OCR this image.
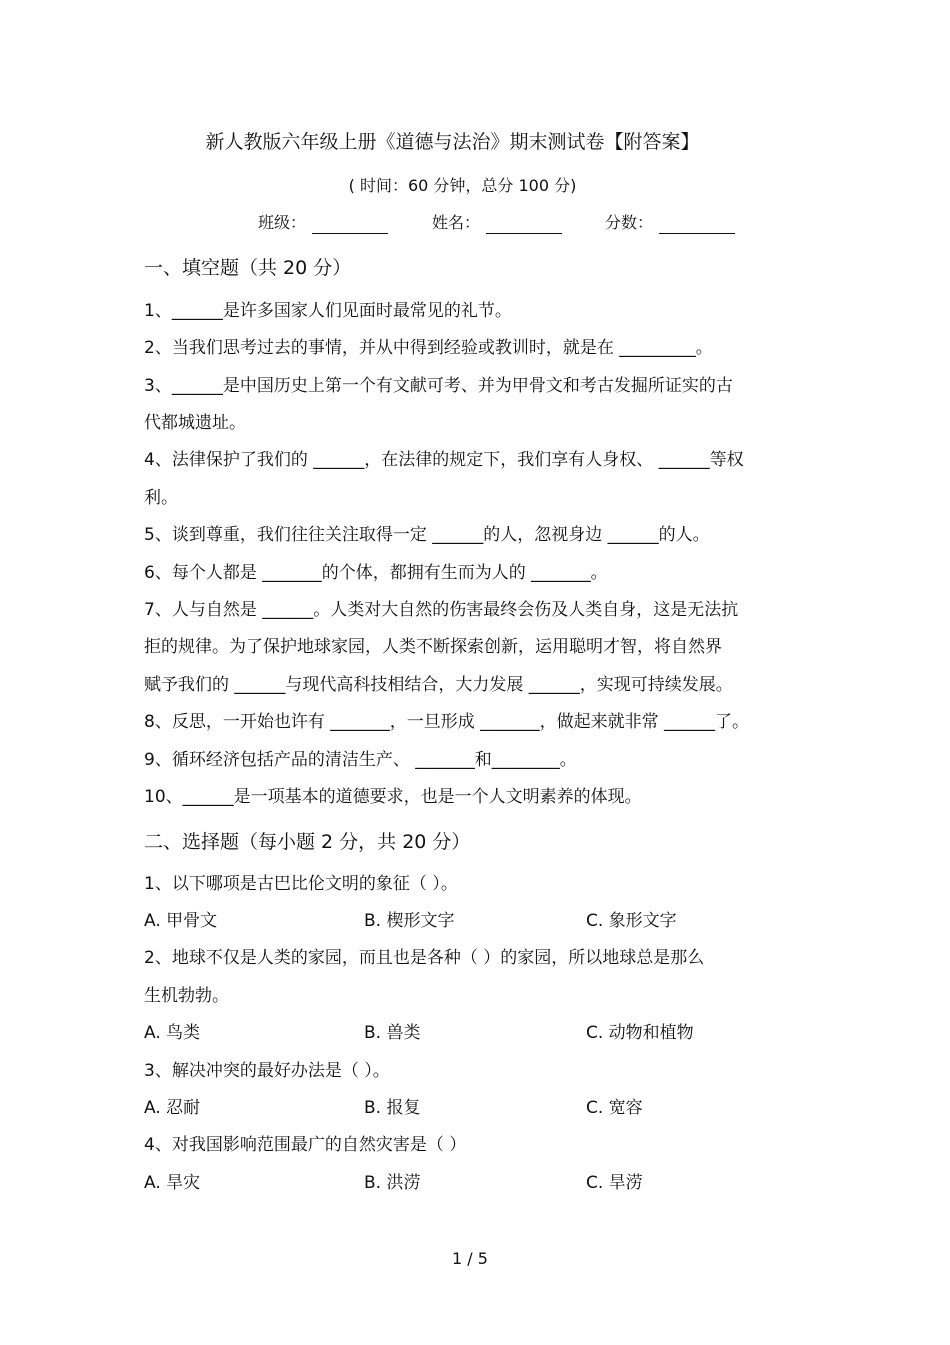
新人教版六年级上册《道德与法治》期末测试卷【附答案】
( 时间：60 分钟，总分 100 分)
班级：	姓名：	分数：
一、填空题（共 20 分）
1、______是许多国家人们见面时最常见的礼节。
2、当我们思考过去的事情，并从中得到经验或教训时，就是在 _________。
3、______是中国历史上第一个有文献可考、并为甲骨文和考古发掘所证实的古
代都城遗址。
4、法律保护了我们的 ______，在法律的规定下，我们享有人身权、 ______等权
利。
5、谈到尊重，我们往往关注取得一定 ______的人，忽视身边 ______的人。
6、每个人都是 _______的个体，都拥有生而为人的 _______。
7、人与自然是 ______。人类对大自然的伤害最终会伤及人类自身，这是无法抗
拒的规律。为了保护地球家园，人类不断探索创新，运用聪明才智，将自然界
赋予我们的 ______与现代高科技相结合，大力发展 ______，实现可持续发展。
8、反思，一开始也许有 _______，一旦形成 _______，做起来就非常 ______了。
9、循环经济包括产品的清洁生产、 _______和________。
10、______是一项基本的道德要求，也是一个人文明素养的体现。
二、选择题（每小题 2 分，共 20 分）
1、以下哪项是古巴比伦文明的象征（ ）。
A. 甲骨文	B. 楔形文字	C. 象形文字
2、地球不仅是人类的家园，而且也是各种（ ）的家园，所以地球总是那么
生机勃勃。
A. 鸟类	B. 兽类	C. 动物和植物
3、解决冲突的最好办法是（ ）。
A. 忍耐	B. 报复	C. 宽容
4、对我国影响范围最广的自然灾害是（ ）
A. 旱灾	B. 洪涝	C. 旱涝
1 / 5
